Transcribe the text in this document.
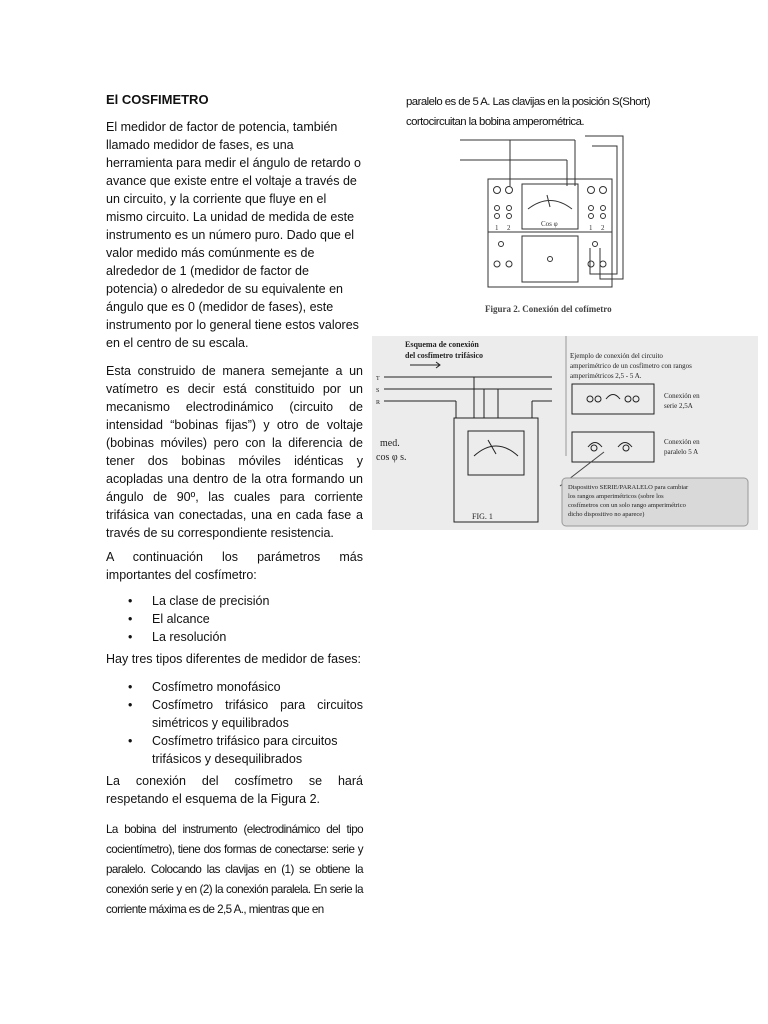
El COSFIMETRO
El medidor de factor de potencia, también llamado medidor de fases, es una herramienta para medir el ángulo de retardo o avance que existe entre el voltaje a través de un circuito, y la corriente que fluye en el mismo circuito. La unidad de medida de este instrumento es un número puro. Dado que el valor medido más comúnmente es de alrededor de 1 (medidor de factor de potencia) o alrededor de su equivalente en ángulo que es 0 (medidor de fases), este instrumento por lo general tiene estos valores en el centro de su escala.
Esta construido de manera semejante a un vatímetro es decir está constituido por un mecanismo electrodinámico (circuito de intensidad “bobinas fijas”) y otro de voltaje (bobinas móviles) pero con la diferencia de tener dos bobinas móviles idénticas y acopladas una dentro de la otra formando un ángulo de 90º, las cuales para corriente trifásica van conectadas, una en cada fase a través de su correspondiente resistencia.
A continuación los parámetros más importantes del cosfímetro:
• La clase de precisión
• El alcance
• La resolución
Hay tres tipos diferentes de medidor de fases:
• Cosfímetro monofásico
• Cosfímetro trifásico para circuitos simétricos y equilibrados
• Cosfímetro trifásico para circuitos trifásicos y desequilibrados
La conexión del cosfímetro se hará respetando el esquema de la Figura 2.
La bobina del instrumento (electrodinámico del tipo cocientímetro), tiene dos formas de conectarse: serie y paralelo. Colocando las clavijas en (1) se obtiene la conexión serie y en (2) la conexión paralela. En serie la corriente máxima es de 2,5 A., mientras que en
paralelo es de 5 A. Las clavijas en la posición S(Short) cortocircuitan la bobina amperométrica.
1 2	1 2
Cos φ
Figura 2. Conexión del cofímetro
Esquema de conexión
del cosfímetro trifásico
T
S
R
med.
cos φ s.
FIG. 1
Ejemplo de conexión del circuito
amperimétrico de un cosfímetro con rangos
amperimétricos 2,5 - 5 A.
Conexión en
serie 2,5A
Conexión en
paralelo 5 A
Dispositivo SERIE/PARALELO para cambiar
los rangos amperimétricos (sobre los
cosfímetros con un solo rango amperimétrico
dicho dispositivo no aparece)
